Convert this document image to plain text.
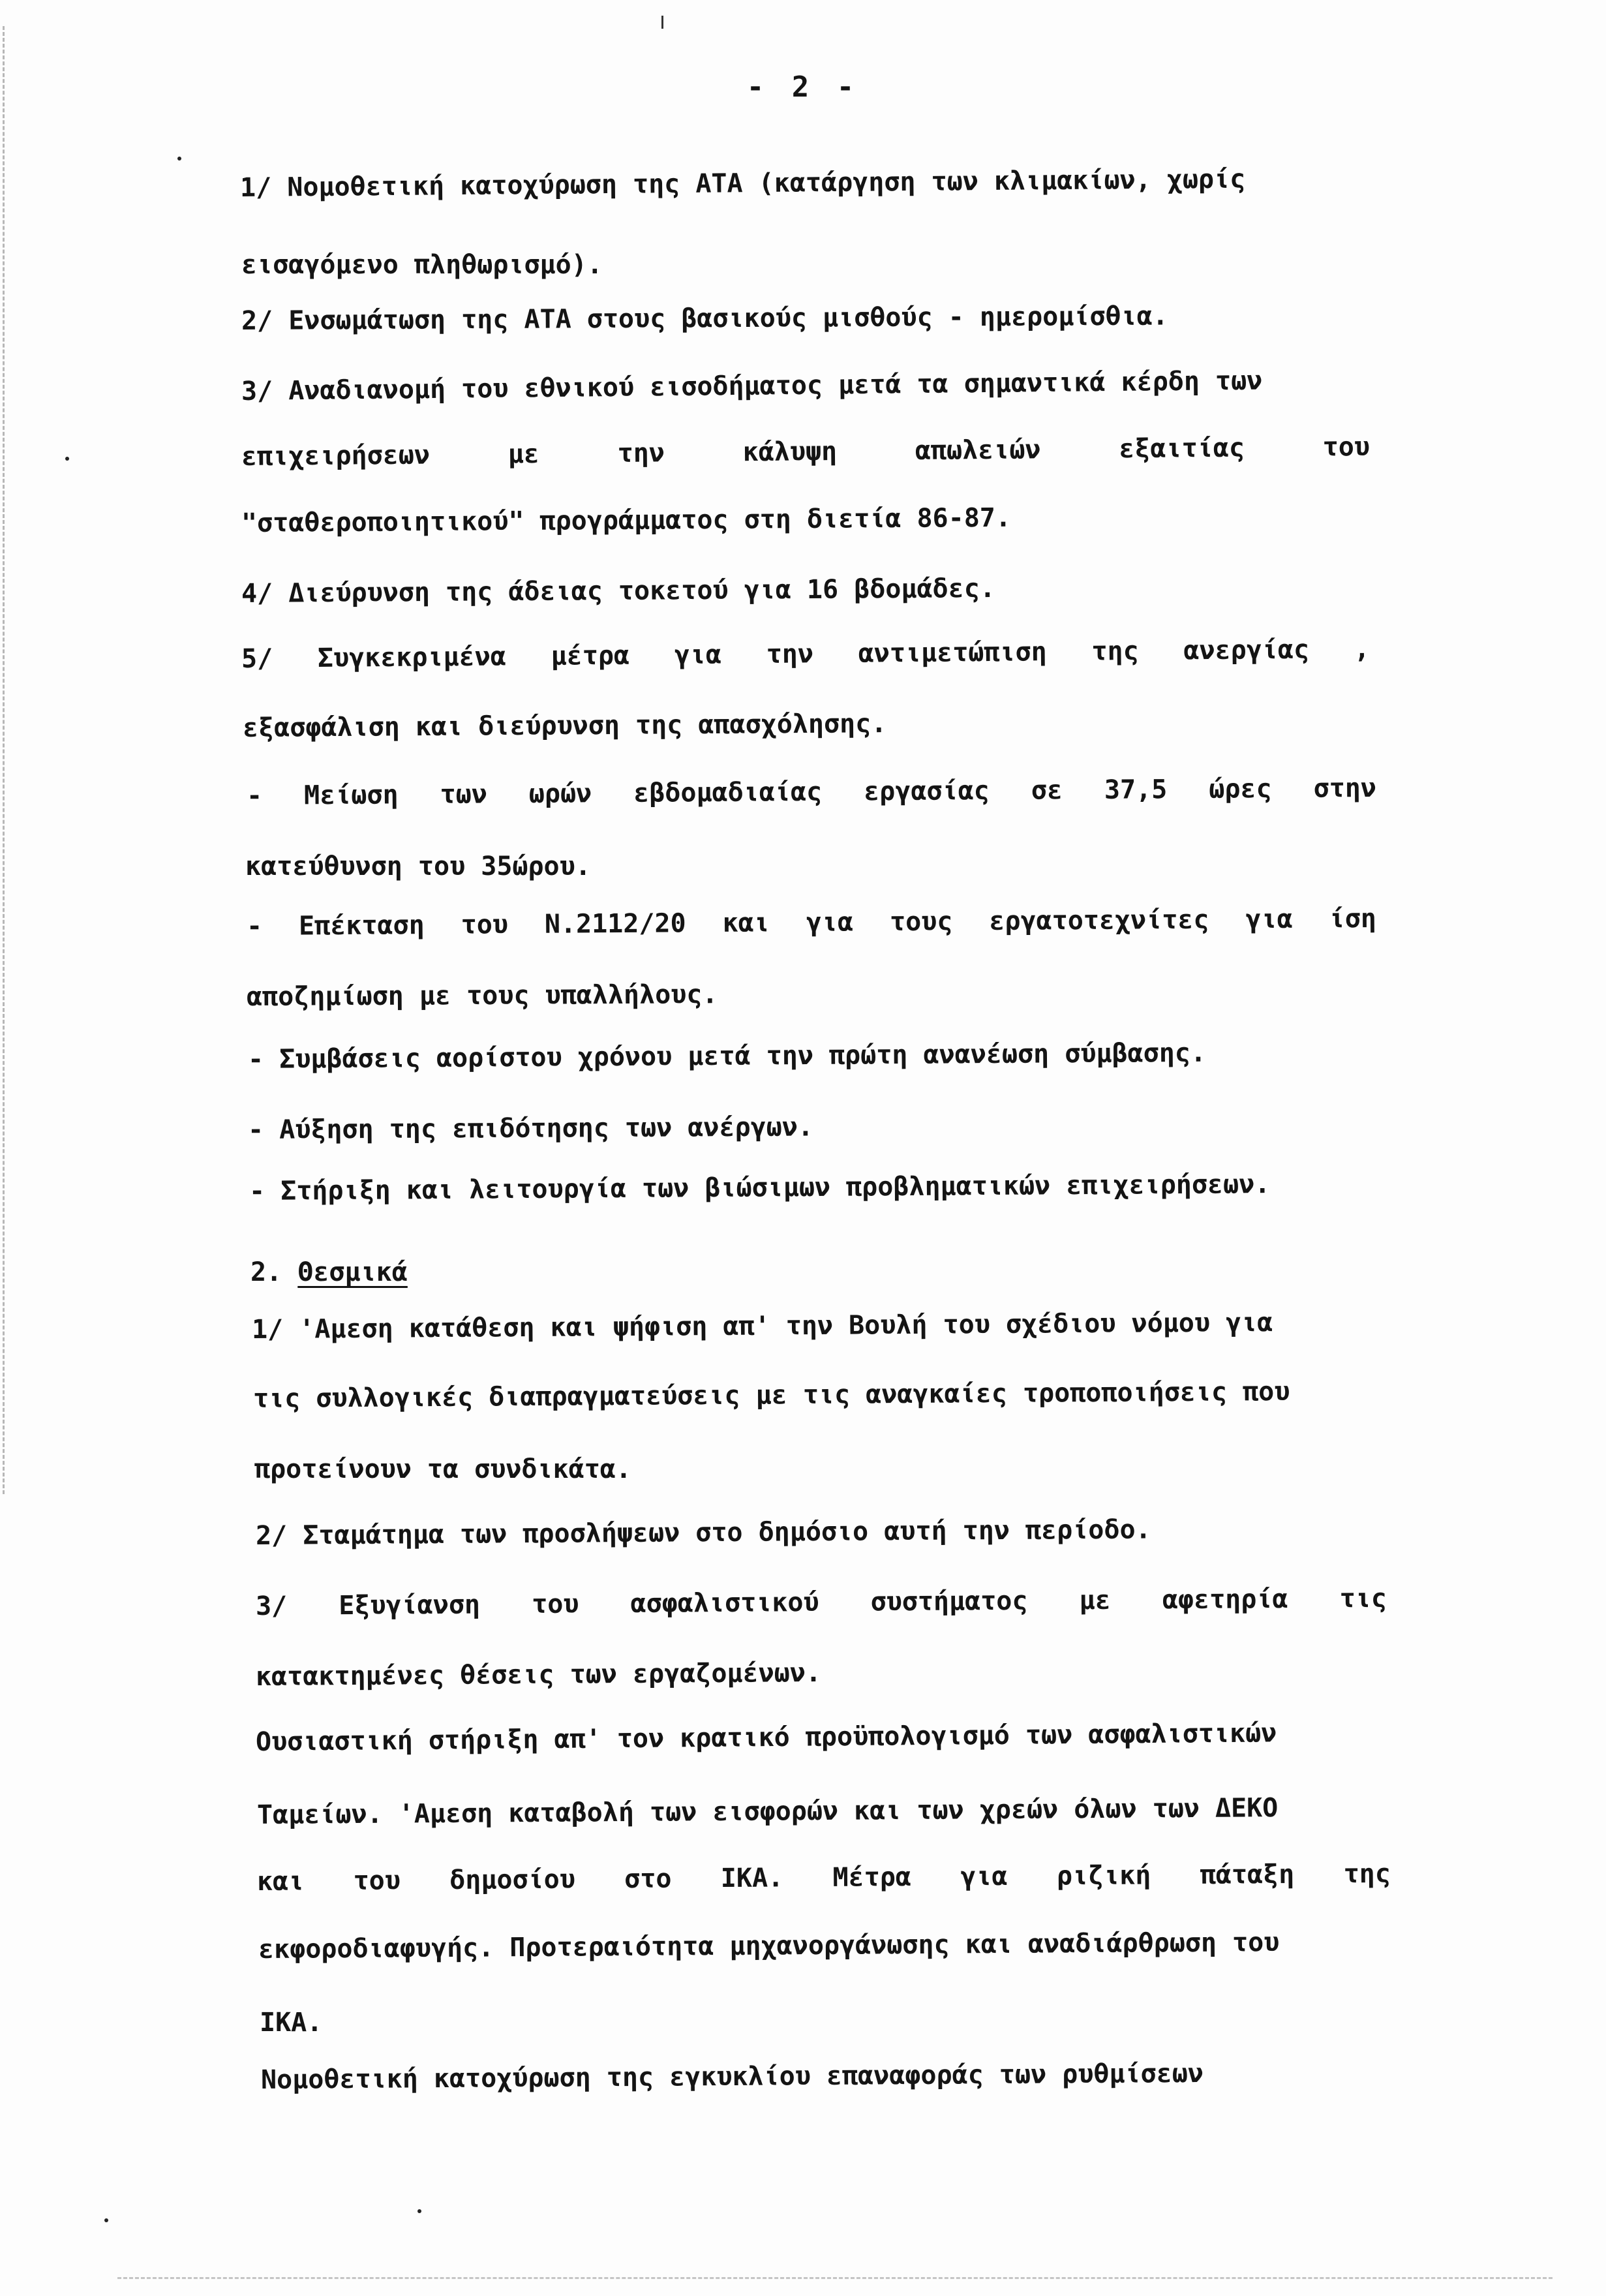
- 2 -
1/ Νομοθετική κατοχύρωση της ΑΤΑ (κατάργηση των κλιμακίων, χωρίς
εισαγόμενο πληθωρισμό).
2/ Ενσωμάτωση της ΑΤΑ στους βασικούς μισθούς - ημερομίσθια.
3/ Αναδιανομή του εθνικού εισοδήματος μετά τα σημαντικά κέρδη των
επιχειρήσεων	με	την	κάλυψη	απωλειών	εξαιτίας	του
"σταθεροποιητικού" προγράμματος στη διετία 86-87.
4/ Διεύρυνση της άδειας τοκετού για 16 βδομάδες.
5/ Συγκεκριμένα μέτρα για την αντιμετώπιση της ανεργίας ,
εξασφάλιση και διεύρυνση της απασχόλησης.
- Μείωση των ωρών εβδομαδιαίας εργασίας σε 37,5 ώρες στην
κατεύθυνση του 35ώρου.
- Επέκταση του Ν.2112/20 και για τους εργατοτεχνίτες για ίση
αποζημίωση με τους υπαλλήλους.
- Συμβάσεις αορίστου χρόνου μετά την πρώτη ανανέωση σύμβασης.
- Αύξηση της επιδότησης των ανέργων.
- Στήριξη και λειτουργία των βιώσιμων προβληματικών επιχειρήσεων.
2. Θεσμικά
1/ 'Αμεση κατάθεση και ψήφιση απ' την Βουλή του σχέδιου νόμου για
τις συλλογικές διαπραγματεύσεις με τις αναγκαίες τροποποιήσεις που
προτείνουν τα συνδικάτα.
2/ Σταμάτημα των προσλήψεων στο δημόσιο αυτή την περίοδο.
3/ Εξυγίανση του ασφαλιστικού συστήματος με αφετηρία τις
κατακτημένες θέσεις των εργαζομένων.
Ουσιαστική στήριξη απ' τον κρατικό προϋπολογισμό των ασφαλιστικών
Ταμείων. 'Αμεση καταβολή των εισφορών και των χρεών όλων των ΔΕΚΟ
και του δημοσίου στο ΙΚΑ. Μέτρα για ριζική πάταξη της
εκφοροδιαφυγής. Προτεραιότητα μηχανοργάνωσης και αναδιάρθρωση του
ΙΚΑ.
Νομοθετική κατοχύρωση της εγκυκλίου επαναφοράς των ρυθμίσεων
